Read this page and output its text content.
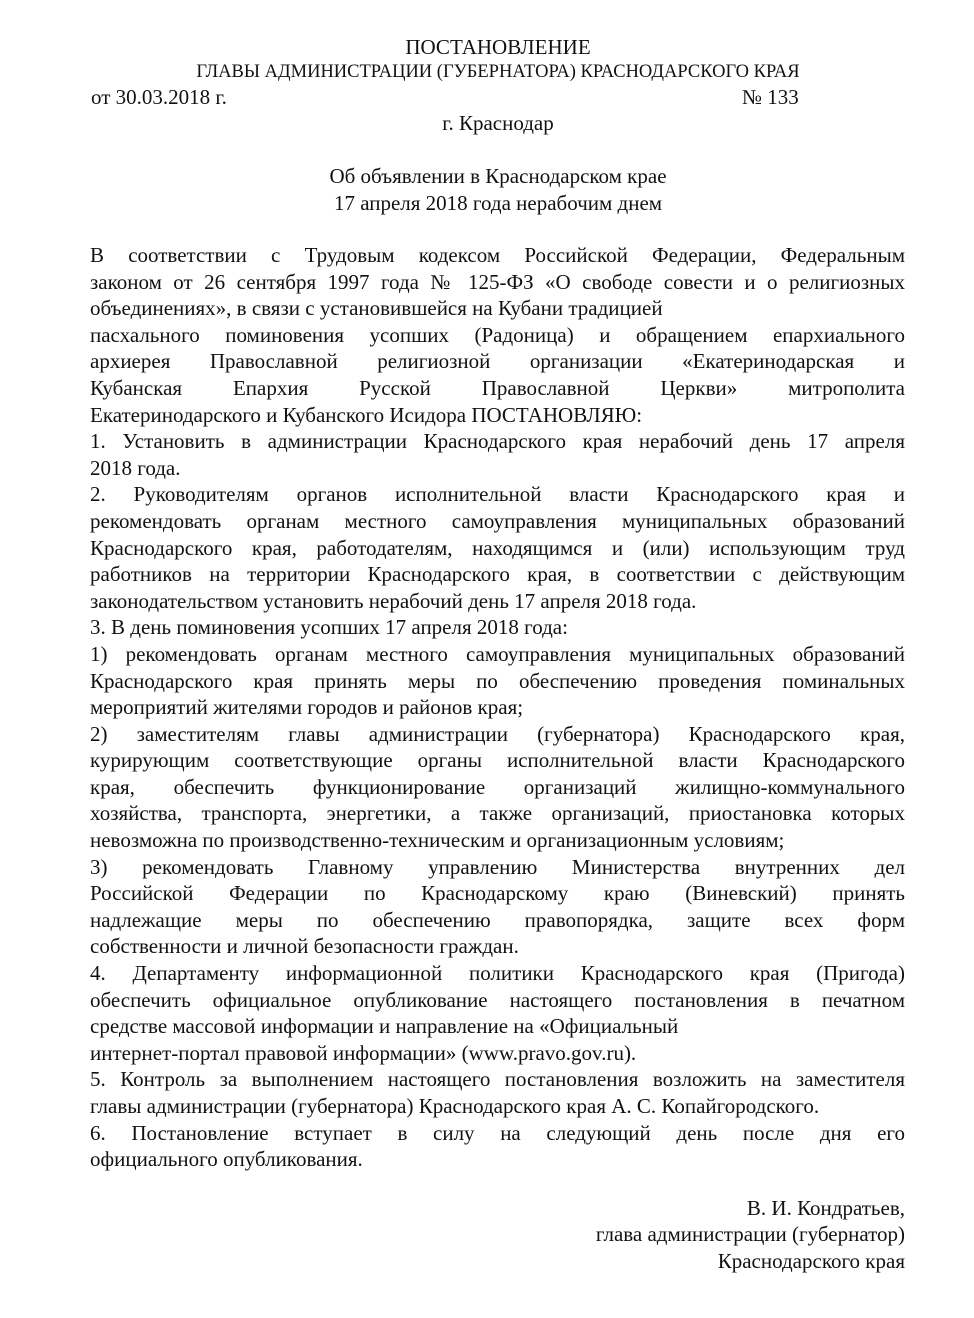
ПОСТАНОВЛЕНИЕ
ГЛАВЫ АДМИНИСТРАЦИИ (ГУБЕРНАТОРА) КРАСНОДАРСКОГО КРАЯ
от 30.03.2018 г.	№ 133
г. Краснодар
Об объявлении в Краснодарском крае
17 апреля 2018 года нерабочим днем
В соответствии с Трудовым кодексом Российской Федерации, Федеральным
законом от 26 сентября 1997 года № 125-ФЗ «О свободе совести и о религиозных
объединениях», в связи с установившейся на Кубани традицией
пасхального поминовения усопших (Радоница) и обращением епархиального
архиерея Православной религиозной организации «Екатеринодарская и
Кубанская Епархия Русской Православной Церкви» митрополита
Екатеринодарского и Кубанского Исидора ПОСТАНОВЛЯЮ:
1. Установить в администрации Краснодарского края нерабочий день 17 апреля
2018 года.
2. Руководителям органов исполнительной власти Краснодарского края и
рекомендовать органам местного самоуправления муниципальных образований
Краснодарского края, работодателям, находящимся и (или) использующим труд
работников на территории Краснодарского края, в соответствии с действующим
законодательством установить нерабочий день 17 апреля 2018 года.
3. В день поминовения усопших 17 апреля 2018 года:
1) рекомендовать органам местного самоуправления муниципальных образований
Краснодарского края принять меры по обеспечению проведения поминальных
мероприятий жителями городов и районов края;
2) заместителям главы администрации (губернатора) Краснодарского края,
курирующим соответствующие органы исполнительной власти Краснодарского
края, обеспечить функционирование организаций жилищно-коммунального
хозяйства, транспорта, энергетики, а также организаций, приостановка которых
невозможна по производственно-техническим и организационным условиям;
3) рекомендовать Главному управлению Министерства внутренних дел
Российской Федерации по Краснодарскому краю (Виневский) принять
надлежащие меры по обеспечению правопорядка, защите всех форм
собственности и личной безопасности граждан.
4. Департаменту информационной политики Краснодарского края (Пригода)
обеспечить официальное опубликование настоящего постановления в печатном
средстве массовой информации и направление на «Официальный
интернет-портал правовой информации» (www.pravo.gov.ru).
5. Контроль за выполнением настоящего постановления возложить на заместителя
главы администрации (губернатора) Краснодарского края А. С. Копайгородского.
6. Постановление вступает в силу на следующий день после дня его
официального опубликования.
В. И. Кондратьев,
глава администрации (губернатор)
Краснодарского края
